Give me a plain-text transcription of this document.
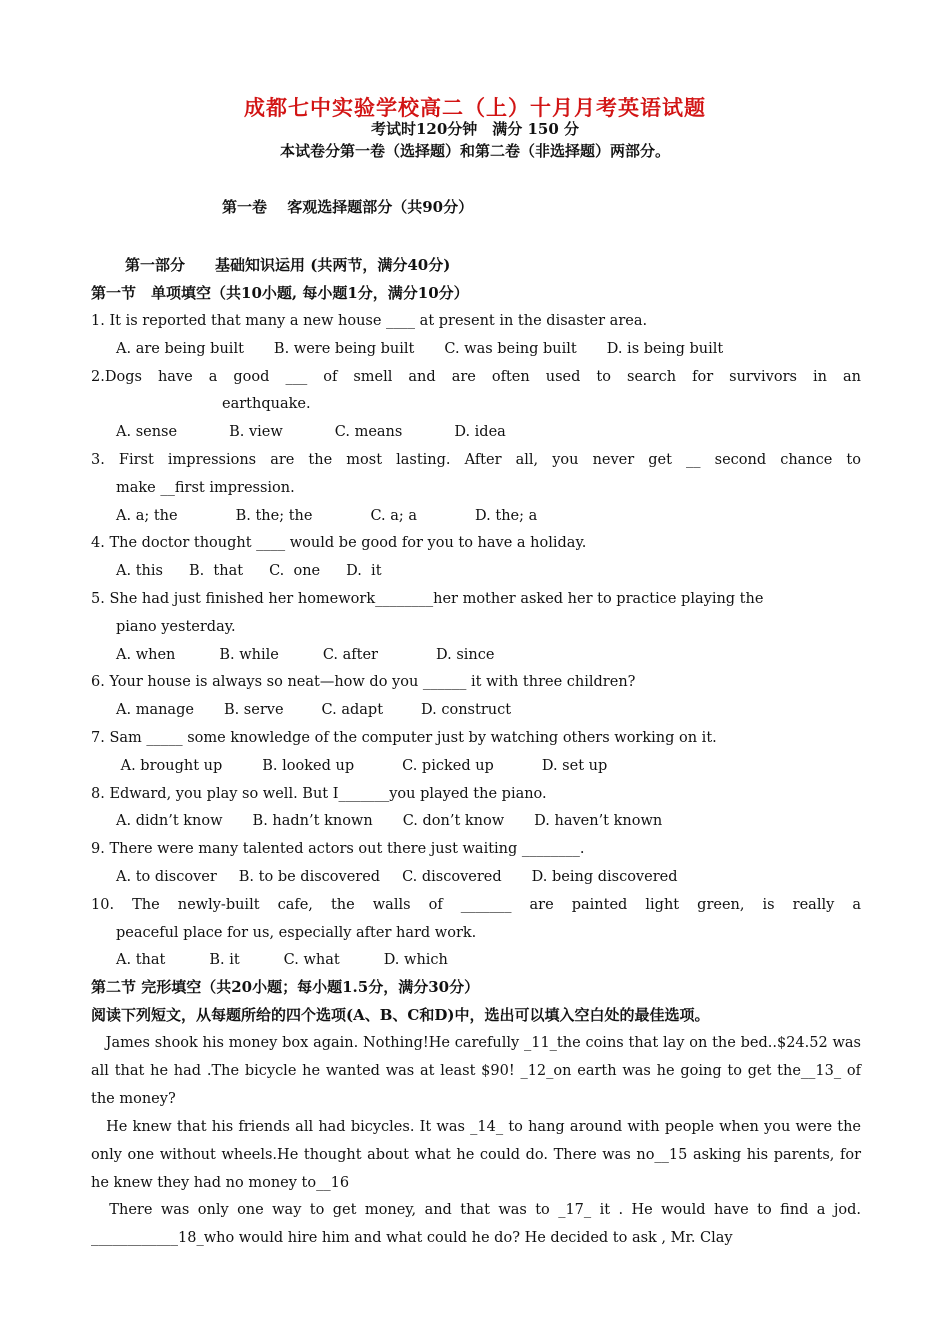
成都七中实验学校高二（上）十月月考英语试题
考试时120分钟　满分 150 分
本试卷分第一卷（选择题）和第二卷（非选择题）两部分。
第一卷　 客观选择题部分（共90分）
第一部分　　基础知识运用 (共两节，满分40分)
第一节　单项填空（共10小题, 每小题1分，满分10分）
1. It is reported that many a new house ____ at present in the disaster area.
A. are being built B. were being built C. was being built D. is being built
2.Dogs have a good ___ of smell and are often used to search for survivors in an
earthquake.
A. sense	B. view	C. means	D. idea
3. First impressions are the most lasting. After all, you never get __ second chance to
make __first impression.
A. a; the	B. the; the	C. a; a	D. the; a
4. The doctor thought ____ would be good for you to have a holiday.
A. this B.  that C.  one D.  it
5. She had just finished her homework________her mother asked her to practice playing the
piano yesterday.
A. when	B. while	C. after	D. since
6. Your house is always so neat—how do you ______ it with three children?
A. manage B. serve	C. adapt	D. construct
7. Sam _____ some knowledge of the computer just by watching others working on it.
A. brought up	B. looked up	C. picked up	D. set up
8. Edward, you play so well. But I_______you played the piano.
A. didn’t know B. hadn’t known C. don’t know D. haven’t known
9. There were many talented actors out there just waiting ________.
A. to discover B. to be discovered C. discovered D. being discovered
10. The newly-built cafe, the walls of _______ are painted light green, is really a
peaceful place for us, especially after hard work.
A. that	B. it	C. what	D. which
第二节 完形填空（共20小题；每小题1.5分，满分30分）
阅读下列短文，从每题所给的四个选项(A、B、C和D)中，选出可以填入空白处的最佳选项。
　James shook his money box again. Nothing!He carefully _11_the coins that lay on the bed..$24.52 was all that he had .The bicycle he wanted was at least $90! _12_on earth was he going to get the__13_ of the money?
　He knew that his friends all had bicycles. It was _14_ to hang around with people when you were the only one without wheels.He thought about what he could do. There was no__15 asking his parents, for he knew they had no money to__16
　There was only one way to get money, and that was to _17_ it . He would have to find a jod. ____________18_who would hire him and what could he do? He decided to ask , Mr. Clay
